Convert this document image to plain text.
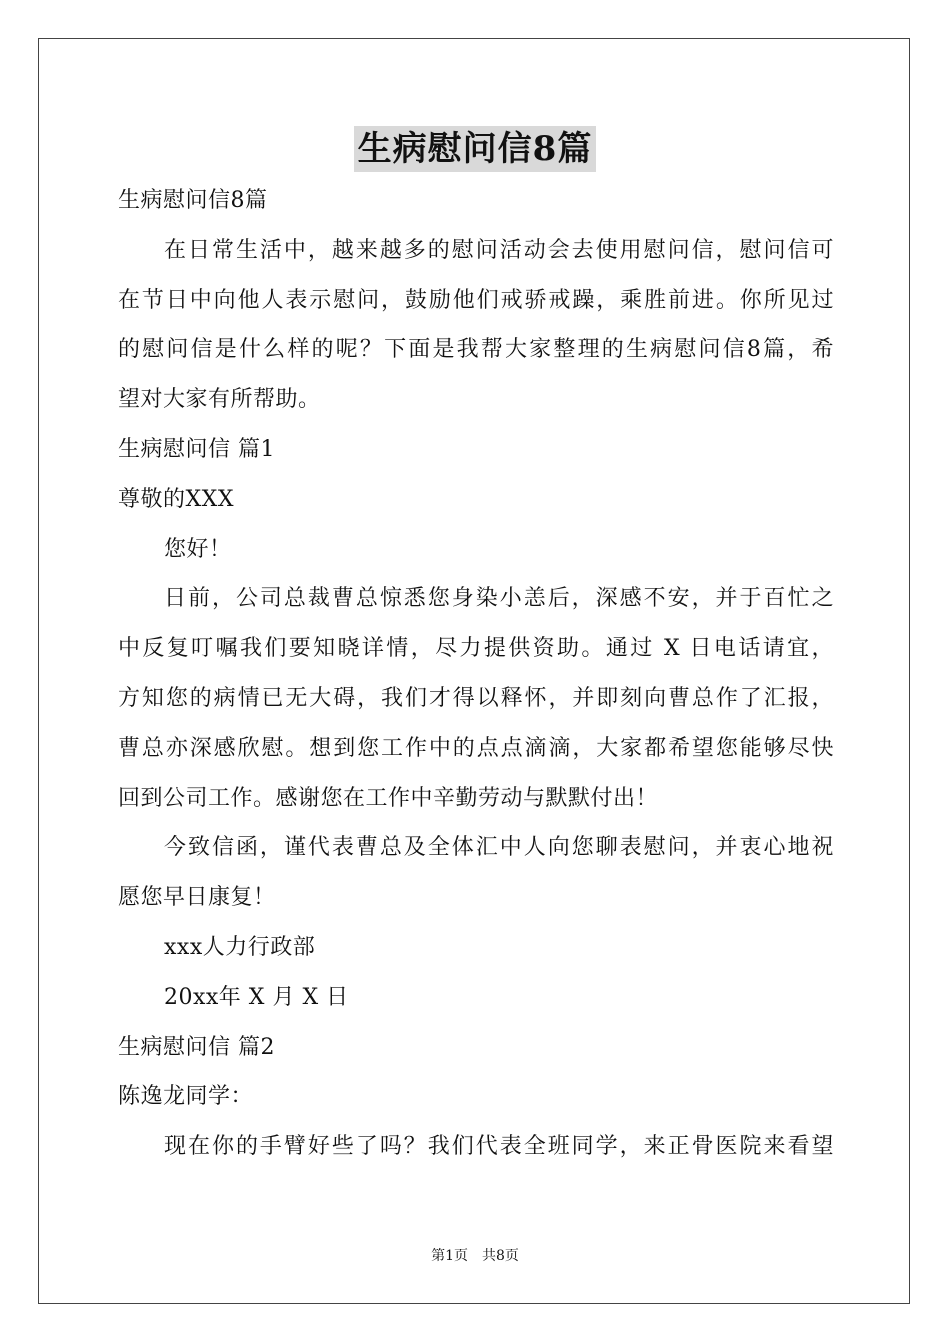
生病慰问信8篇
生病慰问信8篇
在日常生活中，越来越多的慰问活动会去使用慰问信，慰问信可
在节日中向他人表示慰问，鼓励他们戒骄戒躁，乘胜前进。你所见过
的慰问信是什么样的呢？下面是我帮大家整理的生病慰问信8篇，希
望对大家有所帮助。
生病慰问信 篇1
尊敬的XXX
您好！
日前，公司总裁曹总惊悉您身染小恙后，深感不安，并于百忙之
中反复叮嘱我们要知晓详情，尽力提供资助。通过 X 日电话请宜，
方知您的病情已无大碍，我们才得以释怀，并即刻向曹总作了汇报，
曹总亦深感欣慰。想到您工作中的点点滴滴，大家都希望您能够尽快
回到公司工作。感谢您在工作中辛勤劳动与默默付出！
今致信函，谨代表曹总及全体汇中人向您聊表慰问，并衷心地祝
愿您早日康复！
xxx人力行政部
20xx年 X 月 X 日
生病慰问信 篇2
陈逸龙同学：
现在你的手臂好些了吗？我们代表全班同学，来正骨医院来看望
第1页 共8页
